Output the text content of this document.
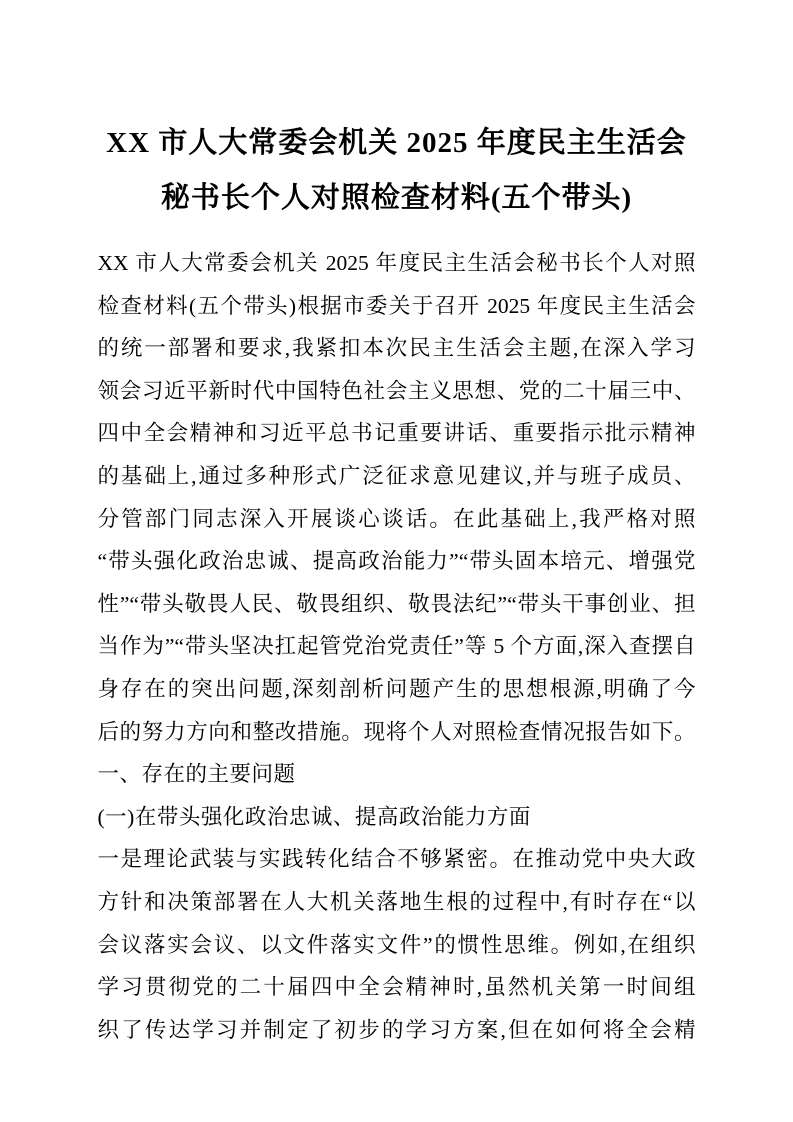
XX 市人大常委会机关 2025 年度民主生活会
秘书长个人对照检查材料(五个带头)
XX 市人大常委会机关 2025 年度民主生活会秘书长个人对照
检查材料(五个带头)根据市委关于召开 2025 年度民主生活会
的统一部署和要求,我紧扣本次民主生活会主题,在深入学习
领会习近平新时代中国特色社会主义思想、党的二十届三中、
四中全会精神和习近平总书记重要讲话、重要指示批示精神
的基础上,通过多种形式广泛征求意见建议,并与班子成员、
分管部门同志深入开展谈心谈话。在此基础上,我严格对照
“带头强化政治忠诚、提高政治能力”“带头固本培元、增强党
性”“带头敬畏人民、敬畏组织、敬畏法纪”“带头干事创业、担
当作为”“带头坚决扛起管党治党责任”等 5 个方面,深入查摆自
身存在的突出问题,深刻剖析问题产生的思想根源,明确了今
后的努力方向和整改措施。现将个人对照检查情况报告如下。
一、存在的主要问题
(一)在带头强化政治忠诚、提高政治能力方面
一是理论武装与实践转化结合不够紧密。在推动党中央大政
方针和决策部署在人大机关落地生根的过程中,有时存在“以
会议落实会议、以文件落实文件”的惯性思维。例如,在组织
学习贯彻党的二十届四中全会精神时,虽然机关第一时间组
织了传达学习并制定了初步的学习方案,但在如何将全会精
